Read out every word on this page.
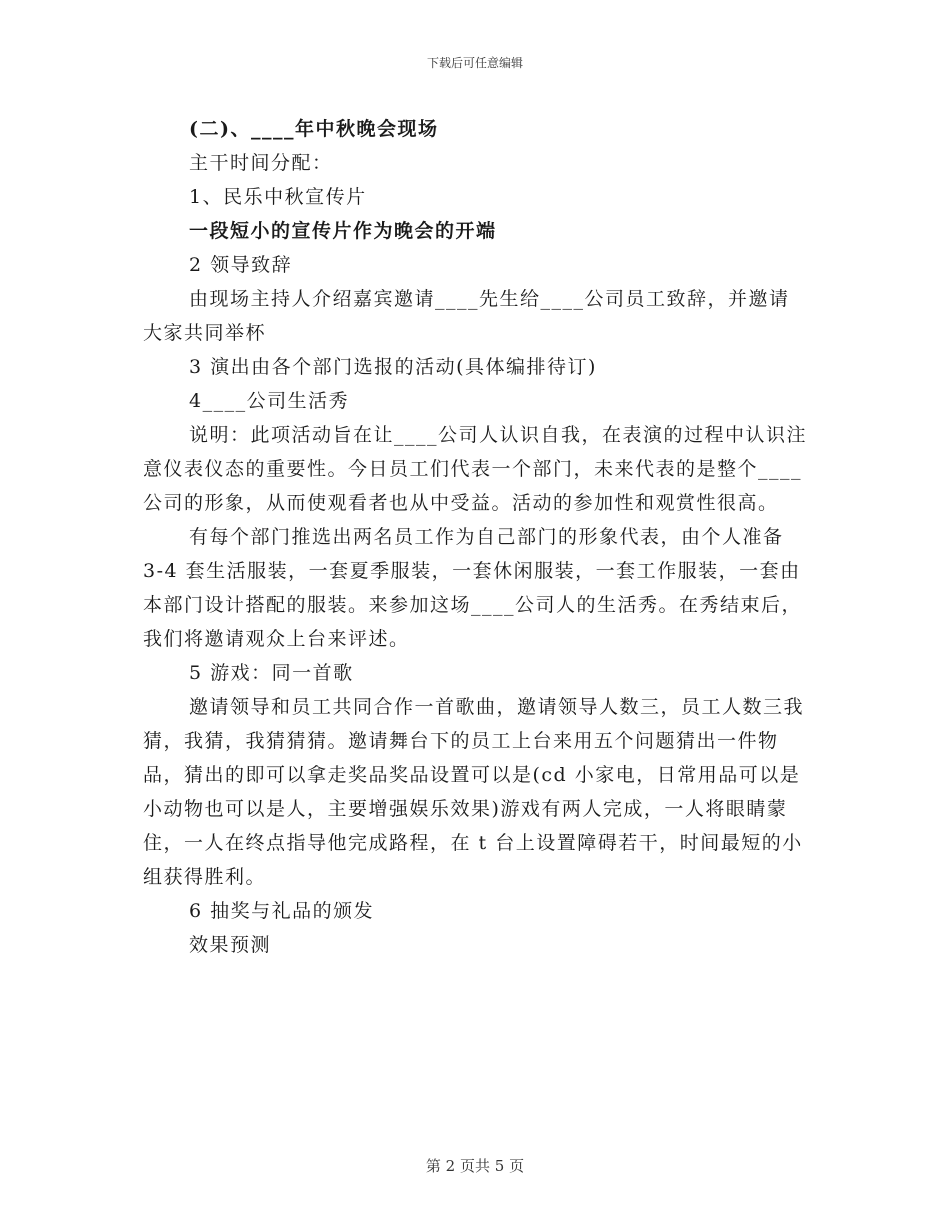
下载后可任意编辑

(二)、____年中秋晚会现场

主干时间分配：

1、民乐中秋宣传片

一段短小的宣传片作为晚会的开端

2 领导致辞

由现场主持人介绍嘉宾邀请____先生给____公司员工致辞，并邀请大家共同举杯

3 演出由各个部门选报的活动(具体编排待订)

4____公司生活秀

说明：此项活动旨在让____公司人认识自我，在表演的过程中认识注意仪表仪态的重要性。今日员工们代表一个部门，未来代表的是整个____公司的形象，从而使观看者也从中受益。活动的参加性和观赏性很高。

有每个部门推选出两名员工作为自己部门的形象代表，由个人准备 3-4 套生活服装，一套夏季服装，一套休闲服装，一套工作服装，一套由本部门设计搭配的服装。来参加这场____公司人的生活秀。在秀结束后，我们将邀请观众上台来评述。

5 游戏：同一首歌

邀请领导和员工共同合作一首歌曲，邀请领导人数三，员工人数三我猜，我猜，我猜猜猜。邀请舞台下的员工上台来用五个问题猜出一件物品，猜出的即可以拿走奖品奖品设置可以是(cd 小家电，日常用品可以是小动物也可以是人，主要增强娱乐效果)游戏有两人完成，一人将眼睛蒙住，一人在终点指导他完成路程，在 t 台上设置障碍若干，时间最短的小组获得胜利。

6 抽奖与礼品的颁发

效果预测

第 2 页共 5 页
